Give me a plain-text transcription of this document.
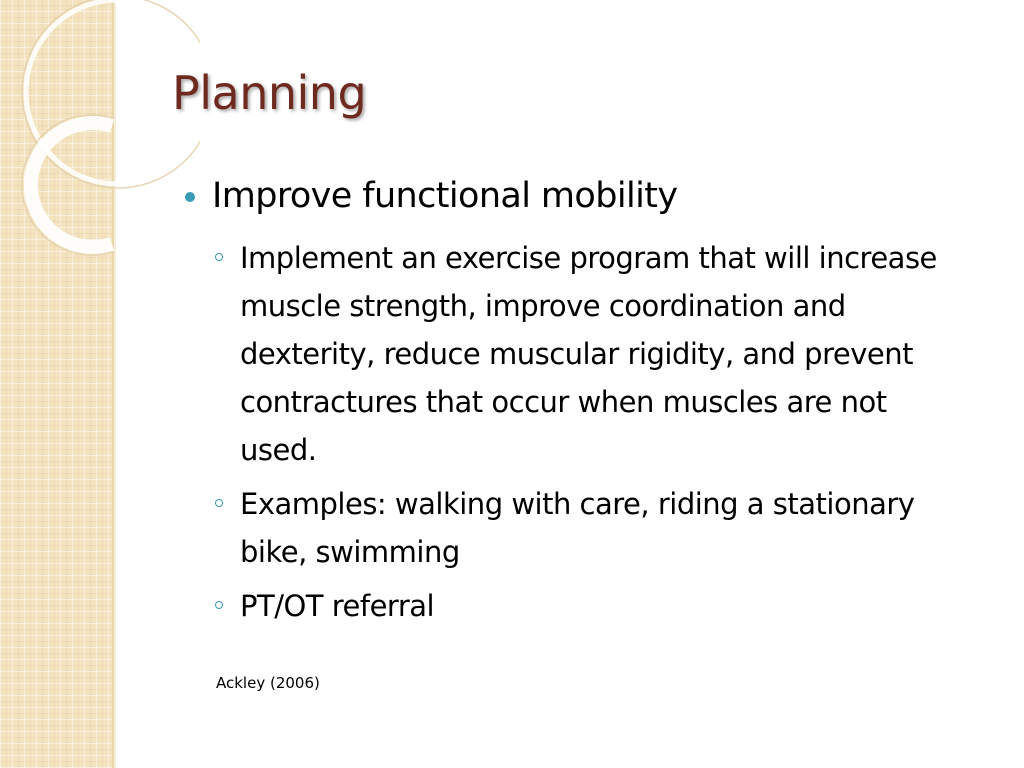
Planning
Improve functional mobility
Implement an exercise program that will increase muscle strength, improve coordination and dexterity, reduce muscular rigidity, and prevent contractures that occur when muscles are not used.
Examples: walking with care, riding a stationary bike, swimming
PT/OT referral
Ackley (2006)
